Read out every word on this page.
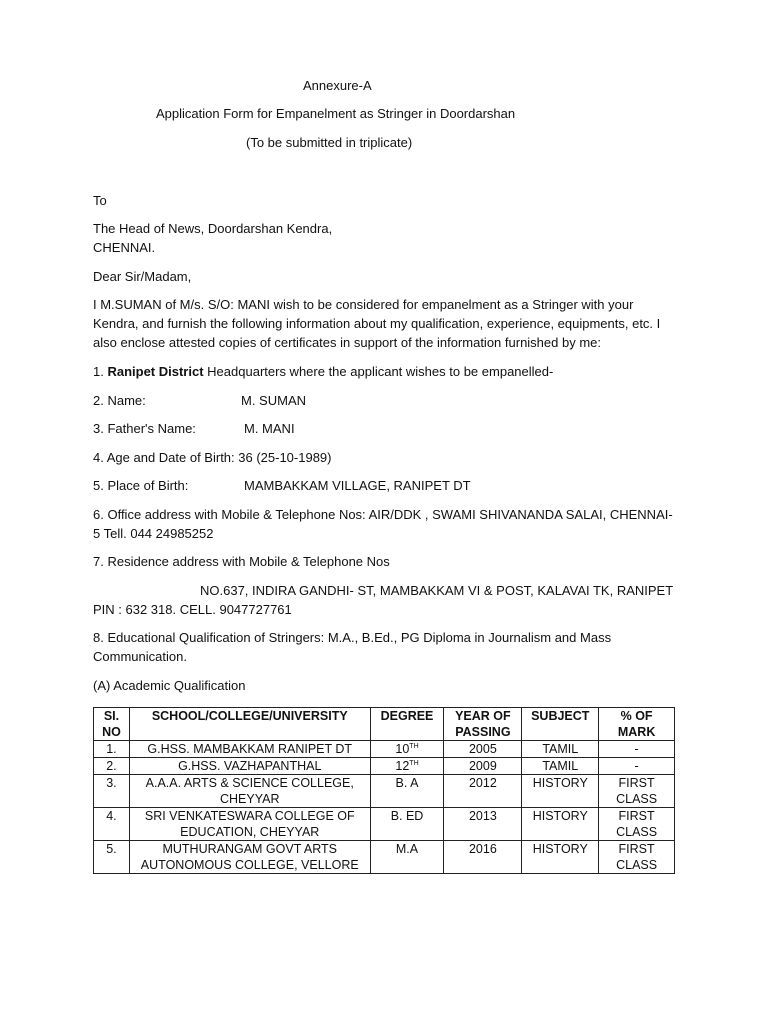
Annexure-A

Application Form for Empanelment as Stringer in Doordarshan

(To be submitted in triplicate)

To

The Head of News, Doordarshan Kendra,

CHENNAI.

Dear Sir/Madam,

I M.SUMAN of M/s. S/O: MANI wish to be considered for empanelment as a Stringer with your Kendra, and furnish the following information about my qualification, experience, equipments, etc. I also enclose attested copies of certificates in support of the information furnished by me:

1. Ranipet District Headquarters where the applicant wishes to be empanelled-

2. Name:	M. SUMAN

3. Father's Name:	M. MANI

4. Age and Date of Birth: 36 (25-10-1989)

5. Place of Birth:	MAMBAKKAM VILLAGE, RANIPET DT

6. Office address with Mobile & Telephone Nos: AIR/DDK , SWAMI SHIVANANDA SALAI, CHENNAI-5 Tell. 044 24985252

7. Residence address with Mobile & Telephone Nos

NO.637, INDIRA GANDHI- ST, MAMBAKKAM VI & POST, KALAVAI TK, RANIPET

PIN : 632 318. CELL. 9047727761

8. Educational Qualification of Stringers: M.A., B.Ed., PG Diploma in Journalism and Mass Communication.

(A) Academic Qualification

SI. NO	SCHOOL/COLLEGE/UNIVERSITY	DEGREE	YEAR OF PASSING	SUBJECT	% OF MARK
1.	G.HSS. MAMBAKKAM RANIPET DT	10TH	2005	TAMIL	-
2.	G.HSS. VAZHAPANTHAL	12TH	2009	TAMIL	-
3.	A.A.A. ARTS & SCIENCE COLLEGE, CHEYYAR	B. A	2012	HISTORY	FIRST CLASS
4.	SRI VENKATESWARA COLLEGE OF EDUCATION, CHEYYAR	B. ED	2013	HISTORY	FIRST CLASS
5.	MUTHURANGAM GOVT ARTS AUTONOMOUS COLLEGE, VELLORE	M.A	2016	HISTORY	FIRST CLASS
